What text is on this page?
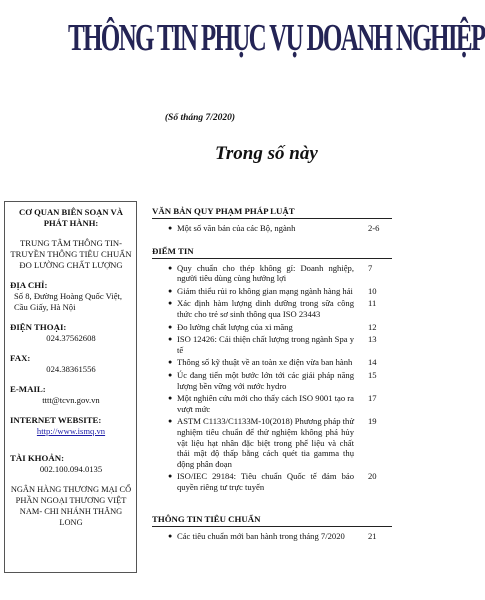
THÔNG TIN PHỤC VỤ DOANH NGHIỆP
(Số tháng 7/2020)
Trong số này
CƠ QUAN BIÊN SOẠN VÀ PHÁT HÀNH:
TRUNG TÂM THÔNG TIN-TRUYỀN THÔNG TIÊU CHUẨN ĐO LƯỜNG CHẤT LƯỢNG
ĐỊA CHỈ:
Số 8, Đường Hoàng Quốc Việt, Cầu Giấy, Hà Nội
ĐIỆN THOẠI:
024.37562608
FAX:
024.38361556
E-MAIL:
tttt@tcvn.gov.vn
INTERNET WEBSITE:
http://www.ismq.vn
TÀI KHOẢN:
002.100.094.0135
NGÂN HÀNG THƯƠNG MẠI CỔ PHẦN NGOẠI THƯƠNG VIỆT NAM- CHI NHÁNH THĂNG LONG
VĂN BẢN QUY PHẠM PHÁP LUẬT
● Một số văn bản của các Bộ, ngành	2-6
ĐIỂM TIN
● Quy chuẩn cho thép không gỉ: Doanh nghiệp, người tiêu dùng cùng hưởng lợi
7
● Giảm thiểu rủi ro không gian mạng ngành hàng hải	10
● Xác định hàm lượng dinh dưỡng trong sữa công thức cho trẻ sơ sinh thông qua ISO 23443
11
● Đo lường chất lượng của xi măng	12
● ISO 12426: Cải thiện chất lượng trong ngành Spa y tế
13
● Thông số kỹ thuật về an toàn xe điện vừa ban hành	14
● Úc đang tiến một bước lớn tới các giải pháp năng lượng bền vững với nước hydro
15
● Một nghiên cứu mới cho thấy cách ISO 9001 tạo ra vượt mức
17
● ASTM C1133/C1133M-10(2018) Phương pháp thử nghiệm tiêu chuẩn để thử nghiệm không phá hủy vật liệu hạt nhân đặc biệt trong phế liệu và chất thải mật độ thấp bằng cách quét tia gamma thụ động phân đoạn
19
● ISO/IEC 29184: Tiêu chuẩn Quốc tế đảm bảo quyền riêng tư trực tuyến
20
THÔNG TIN TIÊU CHUẨN
● Các tiêu chuẩn mới ban hành trong tháng 7/2020	21
